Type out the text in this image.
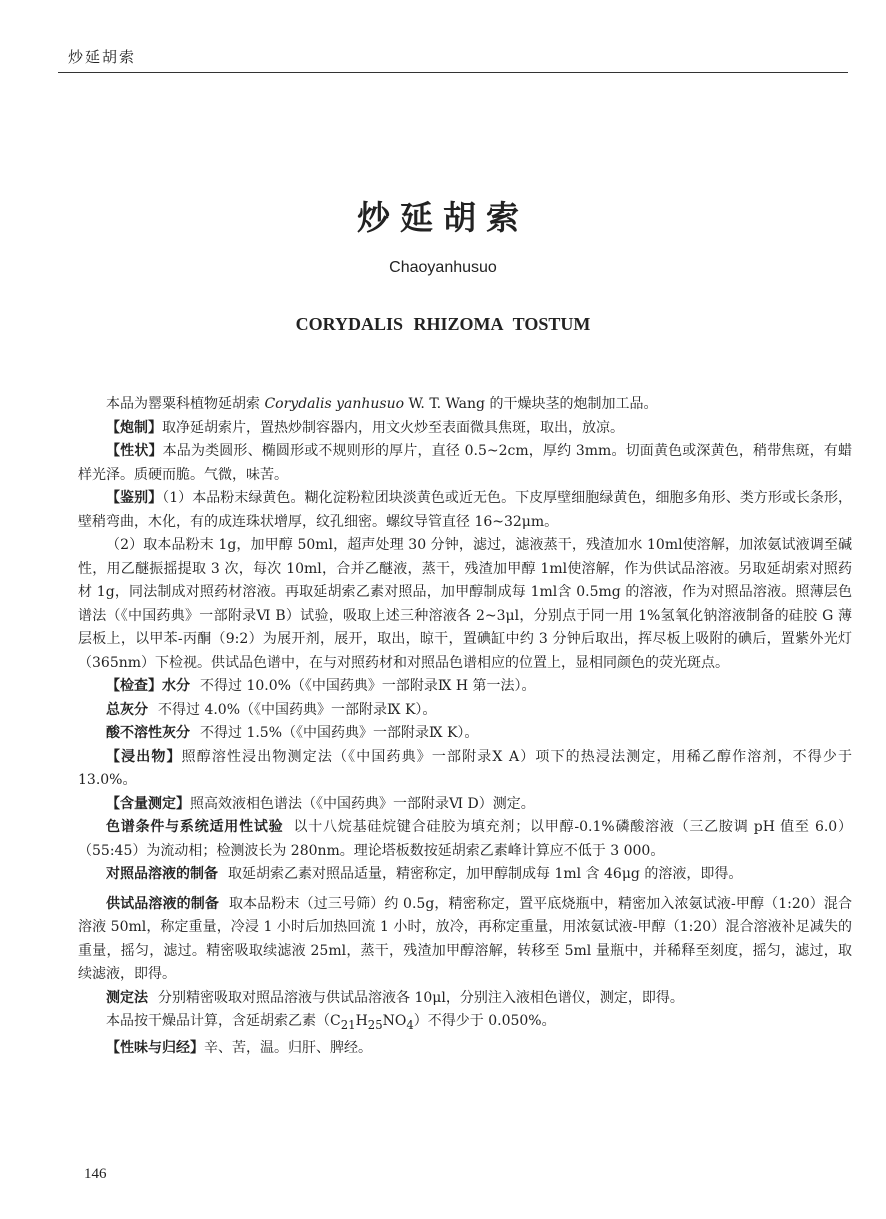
炒延胡索
炒延胡索
Chaoyanhusuo
CORYDALIS RHIZOMA TOSTUM

本品为罂粟科植物延胡索 Corydalis yanhusuo W. T. Wang 的干燥块茎的炮制加工品。

【炮制】取净延胡索片，置热炒制容器内，用文火炒至表面微具焦斑，取出，放凉。

【性状】本品为类圆形、椭圆形或不规则形的厚片，直径 0.5~2cm，厚约 3mm。切面黄色或深黄色，稍带焦斑，有蜡样光泽。质硬而脆。气微，味苦。

【鉴别】（1）本品粉末绿黄色。糊化淀粉粒团块淡黄色或近无色。下皮厚壁细胞绿黄色，细胞多角形、类方形或长条形，壁稍弯曲，木化，有的成连珠状增厚，纹孔细密。螺纹导管直径 16~32μm。

（2）取本品粉末 1g，加甲醇 50ml，超声处理 30 分钟，滤过，滤液蒸干，残渣加水 10ml使溶解，加浓氨试液调至碱性，用乙醚振摇提取 3 次，每次 10ml，合并乙醚液，蒸干，残渣加甲醇 1ml使溶解，作为供试品溶液。另取延胡索对照药材 1g，同法制成对照药材溶液。再取延胡索乙素对照品，加甲醇制成每 1ml含 0.5mg 的溶液，作为对照品溶液。照薄层色谱法（《中国药典》一部附录Ⅵ B）试验，吸取上述三种溶液各 2~3μl，分别点于同一用 1%氢氧化钠溶液制备的硅胶 G 薄层板上，以甲苯-丙酮（9:2）为展开剂，展开，取出，晾干，置碘缸中约 3 分钟后取出，挥尽板上吸附的碘后，置紫外光灯（365nm）下检视。供试品色谱中，在与对照药材和对照品色谱相应的位置上，显相同颜色的荧光斑点。

【检查】水分 不得过 10.0%（《中国药典》一部附录Ⅸ H 第一法）。

总灰分 不得过 4.0%（《中国药典》一部附录Ⅸ K）。

酸不溶性灰分 不得过 1.5%（《中国药典》一部附录Ⅸ K）。

【浸出物】照醇溶性浸出物测定法（《中国药典》一部附录Ⅹ A）项下的热浸法测定，用稀乙醇作溶剂，不得少于 13.0%。

【含量测定】照高效液相色谱法（《中国药典》一部附录Ⅵ D）测定。

色谱条件与系统适用性试验 以十八烷基硅烷键合硅胶为填充剂；以甲醇-0.1%磷酸溶液（三乙胺调 pH 值至 6.0）（55:45）为流动相；检测波长为 280nm。理论塔板数按延胡索乙素峰计算应不低于 3 000。

对照品溶液的制备 取延胡索乙素对照品适量，精密称定，加甲醇制成每 1ml 含 46μg 的溶液，即得。

供试品溶液的制备 取本品粉末（过三号筛）约 0.5g，精密称定，置平底烧瓶中，精密加入浓氨试液-甲醇（1:20）混合溶液 50ml，称定重量，冷浸 1 小时后加热回流 1 小时，放冷，再称定重量，用浓氨试液-甲醇（1:20）混合溶液补足减失的重量，摇匀，滤过。精密吸取续滤液 25ml，蒸干，残渣加甲醇溶解，转移至 5ml 量瓶中，并稀释至刻度，摇匀，滤过，取续滤液，即得。

测定法 分别精密吸取对照品溶液与供试品溶液各 10μl，分别注入液相色谱仪，测定，即得。

本品按干燥品计算，含延胡索乙素$(C_{21}H_{25}NO_4)$不得少于 0.050%。

【性味与归经】辛、苦，温。归肝、脾经。

146
